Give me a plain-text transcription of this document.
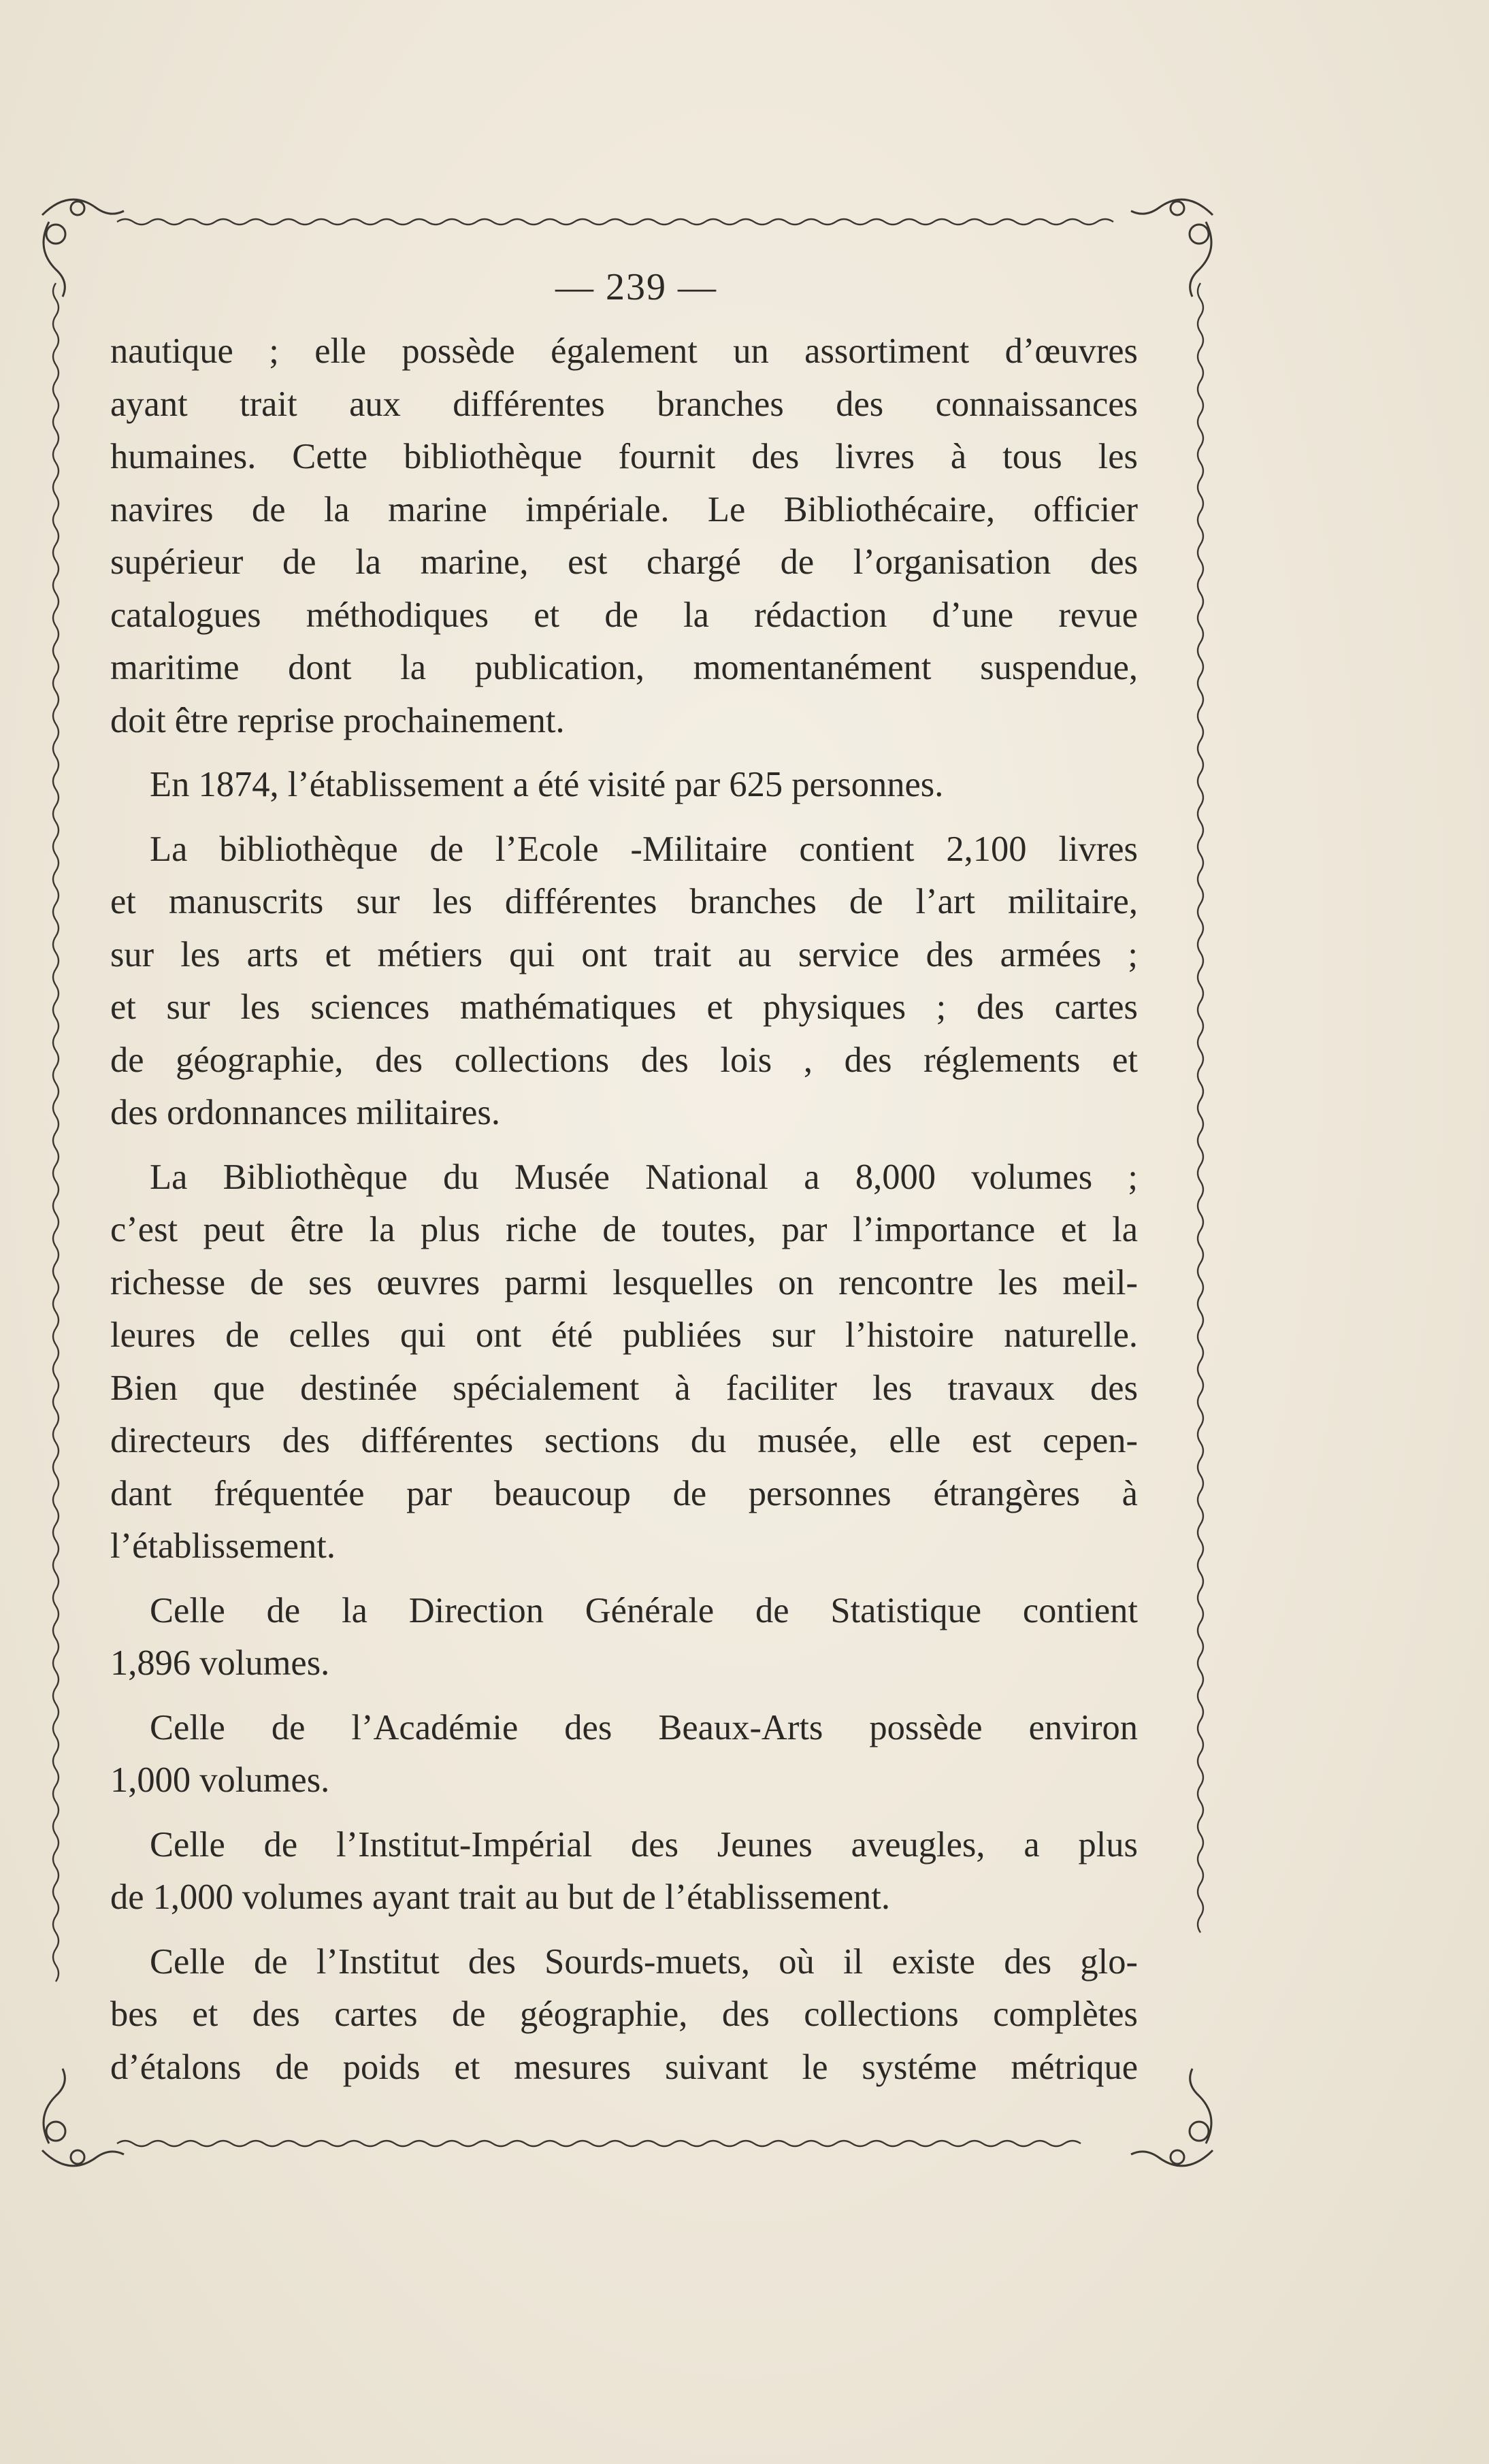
— 239 —

nautique ; elle possède également un assortiment d’œuvres
ayant trait aux différentes branches des connaissances
humaines. Cette bibliothèque fournit des livres à tous les
navires de la marine impériale. Le Bibliothécaire, officier
supérieur de la marine, est chargé de l’organisation des
catalogues méthodiques et de la rédaction d’une revue
maritime dont la publication, momentanément suspendue,
doit être reprise prochainement.

En 1874, l’établissement a été visité par 625 personnes.

La bibliothèque de l’Ecole -Militaire contient 2,100 livres
et manuscrits sur les différentes branches de l’art militaire,
sur les arts et métiers qui ont trait au service des armées ;
et sur les sciences mathématiques et physiques ; des cartes
de géographie, des collections des lois , des réglements et
des ordonnances militaires.

La Bibliothèque du Musée National a 8,000 volumes ;
c’est peut être la plus riche de toutes, par l’importance et la
richesse de ses œuvres parmi lesquelles on rencontre les meil-
leures de celles qui ont été publiées sur l’histoire naturelle.
Bien que destinée spécialement à faciliter les travaux des
directeurs des différentes sections du musée, elle est cepen-
dant fréquentée par beaucoup de personnes étrangères à
l’établissement.

Celle de la Direction Générale de Statistique contient
1,896 volumes.

Celle de l’Académie des Beaux-Arts possède environ
1,000 volumes.

Celle de l’Institut-Impérial des Jeunes aveugles, a plus
de 1,000 volumes ayant trait au but de l’établissement.

Celle de l’Institut des Sourds-muets, où il existe des glo-
bes et des cartes de géographie, des collections complètes
d’étalons de poids et mesures suivant le systéme métrique
